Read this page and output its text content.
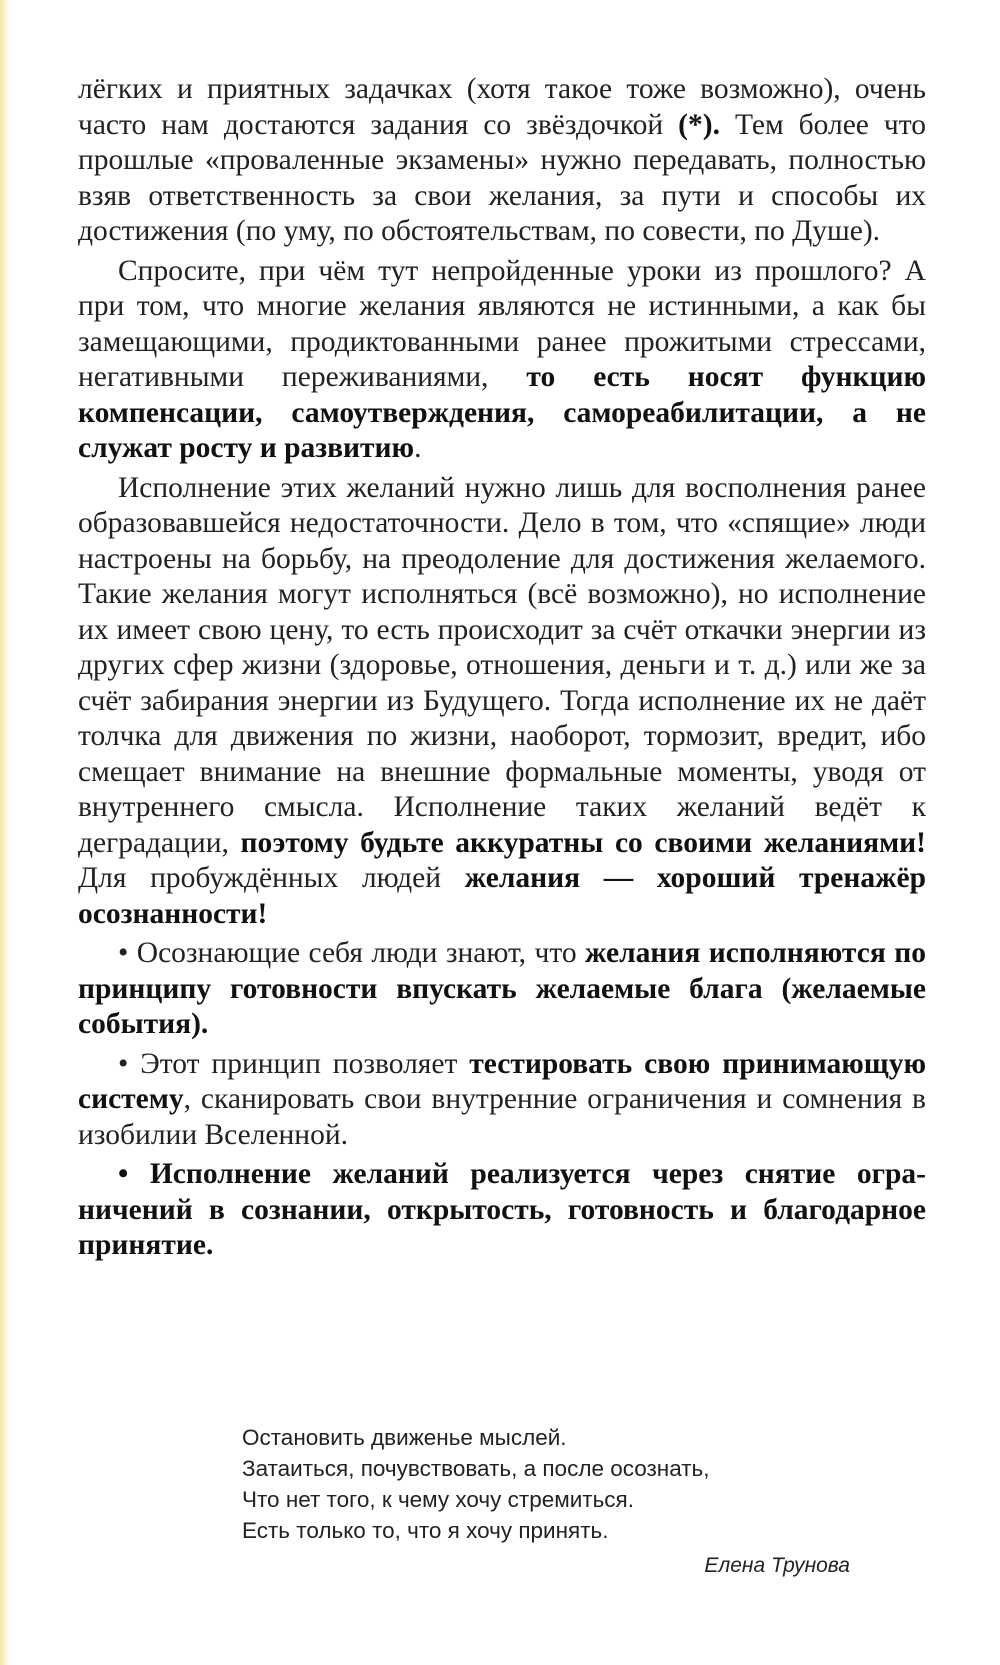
лёгких и приятных задачках (хотя такое тоже возможно), очень часто нам достаются задания со звёздочкой (*). Тем более что прошлые «проваленные экзамены» нужно передавать, полностью взяв ответственность за свои желания, за пути и способы их достижения (по уму, по обстоятельствам, по совести, по Душе).

Спросите, при чём тут непройденные уроки из прошлого? А при том, что многие желания являются не истинными, а как бы замещающими, продиктованными ранее прожитыми стрессами, негативными переживаниями, то есть носят функцию компенсации, самоутверждения, самореабилитации, а не служат росту и развитию.

Исполнение этих желаний нужно лишь для восполнения ранее образовавшейся недостаточности. Дело в том, что «спящие» люди настроены на борьбу, на преодоление для достижения желаемого. Такие желания могут исполняться (всё возможно), но исполнение их имеет свою цену, то есть происходит за счёт откачки энергии из других сфер жизни (здоровье, отношения, деньги и т. д.) или же за счёт забирания энергии из Будущего. Тогда исполнение их не даёт толчка для движения по жизни, наоборот, тормозит, вредит, ибо смещает внимание на внешние формальные моменты, уводя от внутреннего смысла. Исполнение таких желаний ведёт к деградации, поэтому будьте аккуратны со своими желаниями! Для пробуждённых людей желания — хороший тренажёр осознанности!

• Осознающие себя люди знают, что желания исполняются по принципу готовности впускать желаемые блага (желаемые события).

• Этот принцип позволяет тестировать свою принимающую систему, сканировать свои внутренние ограничения и сомнения в изобилии Вселенной.

• Исполнение желаний реализуется через снятие ограничений в сознании, открытость, готовность и благодарное принятие.

Остановить движенье мыслей.
Затаиться, почувствовать, а после осознать,
Что нет того, к чему хочу стремиться.
Есть только то, что я хочу принять.
Елена Трунова
